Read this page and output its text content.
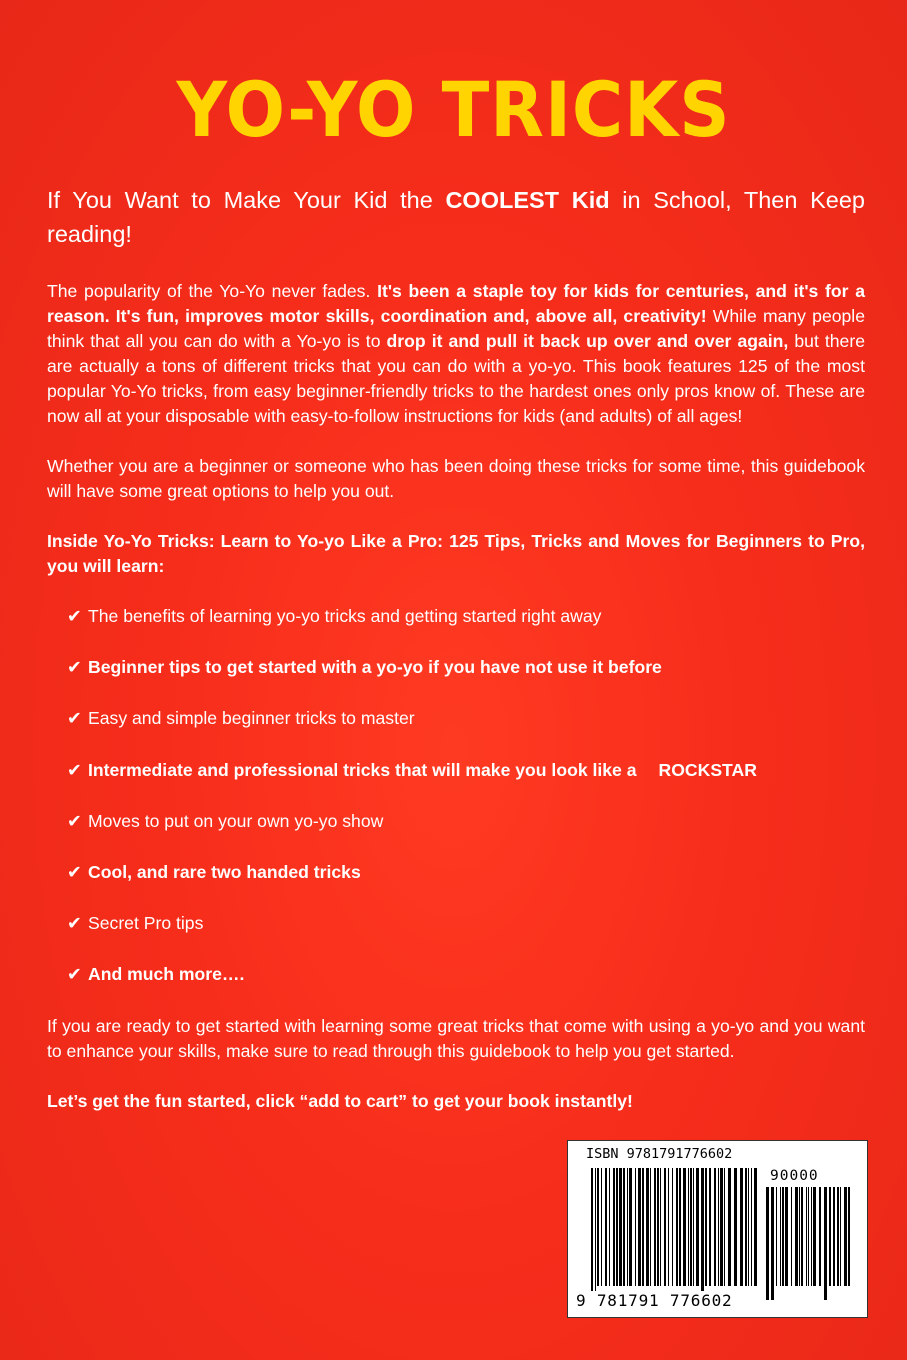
YO-YO TRICKS

If You Want to Make Your Kid the COOLEST Kid in School, Then Keep reading!

The popularity of the Yo-Yo never fades. It's been a staple toy for kids for centuries, and it's for a reason. It's fun, improves motor skills, coordination and, above all, creativity! While many people think that all you can do with a Yo-yo is to drop it and pull it back up over and over again, but there are actually a tons of different tricks that you can do with a yo-yo. This book features 125 of the most popular Yo-Yo tricks, from easy beginner-friendly tricks to the hardest ones only pros know of. These are now all at your disposable with easy-to-follow instructions for kids (and adults) of all ages!

Whether you are a beginner or someone who has been doing these tricks for some time, this guidebook will have some great options to help you out.

Inside Yo-Yo Tricks: Learn to Yo-yo Like a Pro: 125 Tips, Tricks and Moves for Beginners to Pro, you will learn:

✔ The benefits of learning yo-yo tricks and getting started right away
✔ Beginner tips to get started with a yo-yo if you have not use it before
✔ Easy and simple beginner tricks to master
✔ Intermediate and professional tricks that will make you look like a ROCKSTAR
✔ Moves to put on your own yo-yo show
✔ Cool, and rare two handed tricks
✔ Secret Pro tips
✔ And much more….

If you are ready to get started with learning some great tricks that come with using a yo-yo and you want to enhance your skills, make sure to read through this guidebook to help you get started.

Let’s get the fun started, click “add to cart” to get your book instantly!

ISBN 9781791776602
90000
9 781791 776602
